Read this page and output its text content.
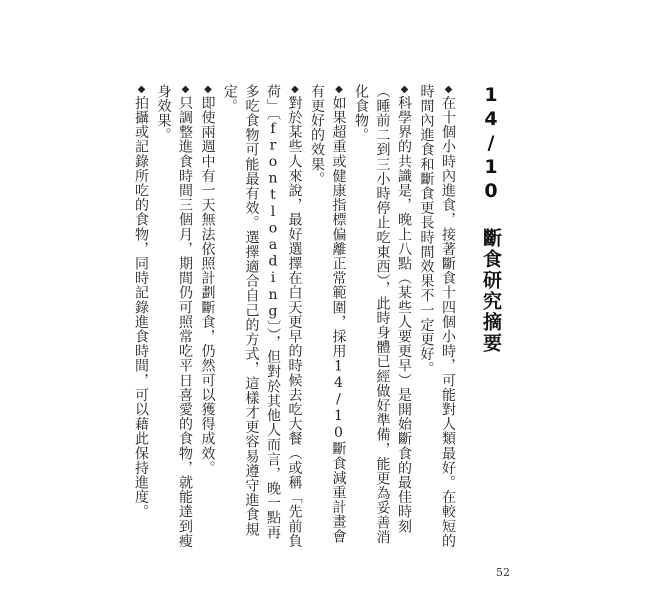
14/10 斷食研究摘要

◆在十個小時內進食，接著斷食十四個小時，可能對人類最好。在較短的時間內進食和斷食更長時間效果不一定更好。

◆科學界的共識是，晚上八點（某些人要更早）是開始斷食的最佳時刻（睡前二到三小時停止吃東西），此時身體已經做好準備，能更為妥善消化食物。

◆如果超重或健康指標偏離正常範圍，採用14/10斷食減重計畫會有更好的效果。

◆對於某些人來說，最好選擇在白天更早的時候去吃大餐（或稱「先前負荷」〔frontloading〕），但對於其他人而言，晚一點再多吃食物可能最有效。選擇適合自己的方式，這樣才更容易遵守進食規定。

◆即使兩週中有一天無法依照計劃斷食，仍然可以獲得成效。

◆只調整進食時間三個月，期間仍可照常吃平日喜愛的食物，就能達到瘦身效果。

◆拍攝或記錄所吃的食物，同時記錄進食時間，可以藉此保持進度。

52
